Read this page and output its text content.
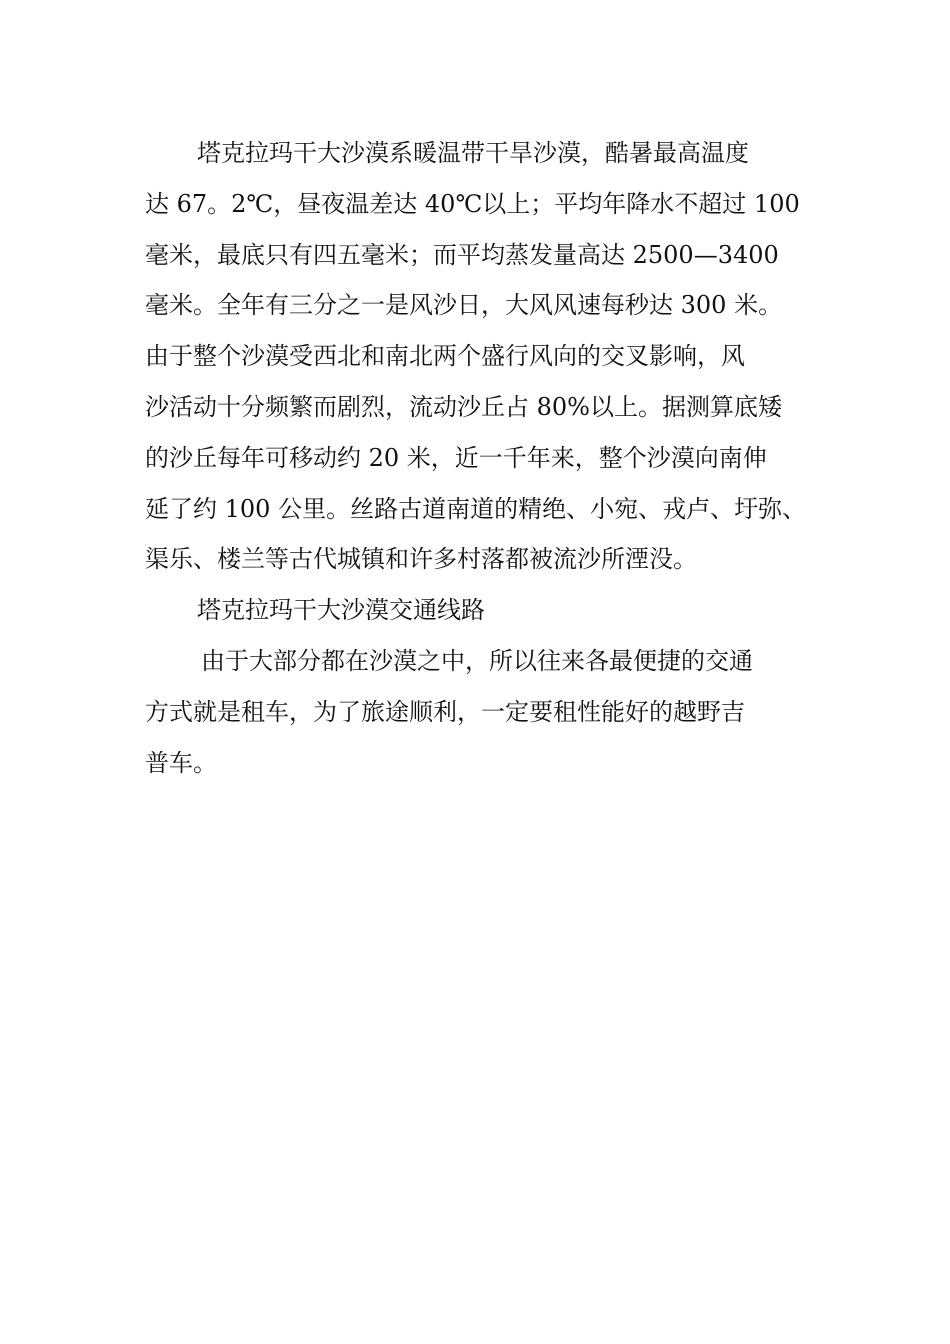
塔克拉玛干大沙漠系暖温带干旱沙漠，酷暑最高温度
达 67。2℃，昼夜温差达 40℃以上；平均年降水不超过 100
毫米，最底只有四五毫米；而平均蒸发量高达 2500—3400
毫米。全年有三分之一是风沙日，大风风速每秒达 300 米。
由于整个沙漠受西北和南北两个盛行风向的交叉影响，风
沙活动十分频繁而剧烈，流动沙丘占 80%以上。据测算底矮
的沙丘每年可移动约 20 米，近一千年来，整个沙漠向南伸
延了约 100 公里。丝路古道南道的精绝、小宛、戎卢、圩弥、
渠乐、楼兰等古代城镇和许多村落都被流沙所湮没。
塔克拉玛干大沙漠交通线路
由于大部分都在沙漠之中，所以往来各最便捷的交通
方式就是租车，为了旅途顺利，一定要租性能好的越野吉
普车。
